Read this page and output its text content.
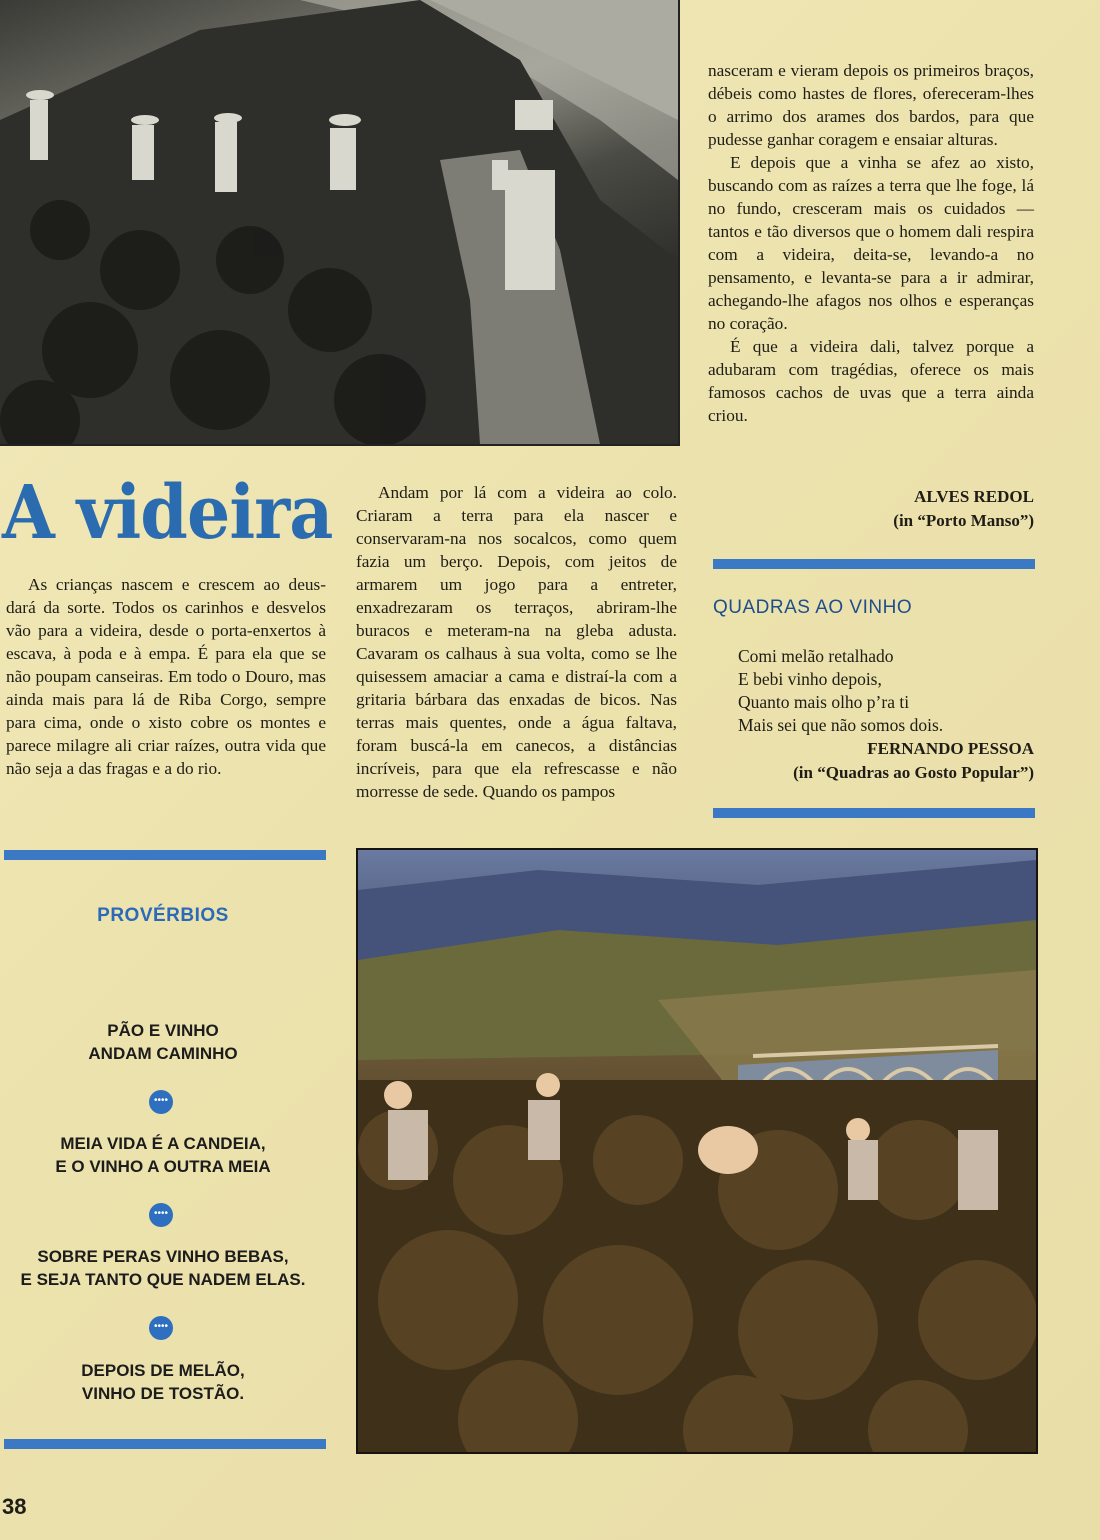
A videira

As crianças nascem e crescem ao deus-dará da sorte. Todos os carinhos e desvelos vão para a videira, desde o porta-enxertos à escava, à poda e à empa. É para ela que se não poupam canseiras. Em todo o Douro, mas ainda mais para lá de Riba Corgo, sempre para cima, onde o xisto cobre os montes e parece milagre ali criar raízes, outra vida que não seja a das fragas e a do rio.

Andam por lá com a videira ao colo. Criaram a terra para ela nascer e conservaram-na nos socalcos, como quem fazia um berço. Depois, com jeitos de armarem um jogo para a entreter, enxadrezaram os terraços, abriram-lhe buracos e meteram-na na gleba adusta. Cavaram os calhaus à sua volta, como se lhe quisessem amaciar a cama e distraí-la com a gritaria bárbara das enxadas de bicos. Nas terras mais quentes, onde a água faltava, foram buscá-la em canecos, a distâncias incríveis, para que ela refrescasse e não morresse de sede. Quando os pampos

nasceram e vieram depois os primeiros braços, débeis como hastes de flores, ofereceram-lhes o arrimo dos arames dos bardos, para que pudesse ganhar coragem e ensaiar alturas.

E depois que a vinha se afez ao xisto, buscando com as raízes a terra que lhe foge, lá no fundo, cresceram mais os cuidados — tantos e tão diversos que o homem dali respira com a videira, deita-se, levando-a no pensamento, e levanta-se para a ir admirar, achegando-lhe afagos nos olhos e esperanças no coração.

É que a videira dali, talvez porque a adubaram com tragédias, oferece os mais famosos cachos de uvas que a terra ainda criou.

ALVES REDOL
(in “Porto Manso”)
QUADRAS AO VINHO
Comi melão retalhado
E bebi vinho depois,
Quanto mais olho p’ra ti
Mais sei que não somos dois.
FERNANDO PESSOA
(in “Quadras ao Gosto Popular”)
PROVÉRBIOS
PÃO E VINHO
ANDAM CAMINHO
••••
MEIA VIDA É A CANDEIA,
E O VINHO A OUTRA MEIA
••••
SOBRE PERAS VINHO BEBAS,
E SEJA TANTO QUE NADEM ELAS.
••••
DEPOIS DE MELÃO,
VINHO DE TOSTÃO.
38
